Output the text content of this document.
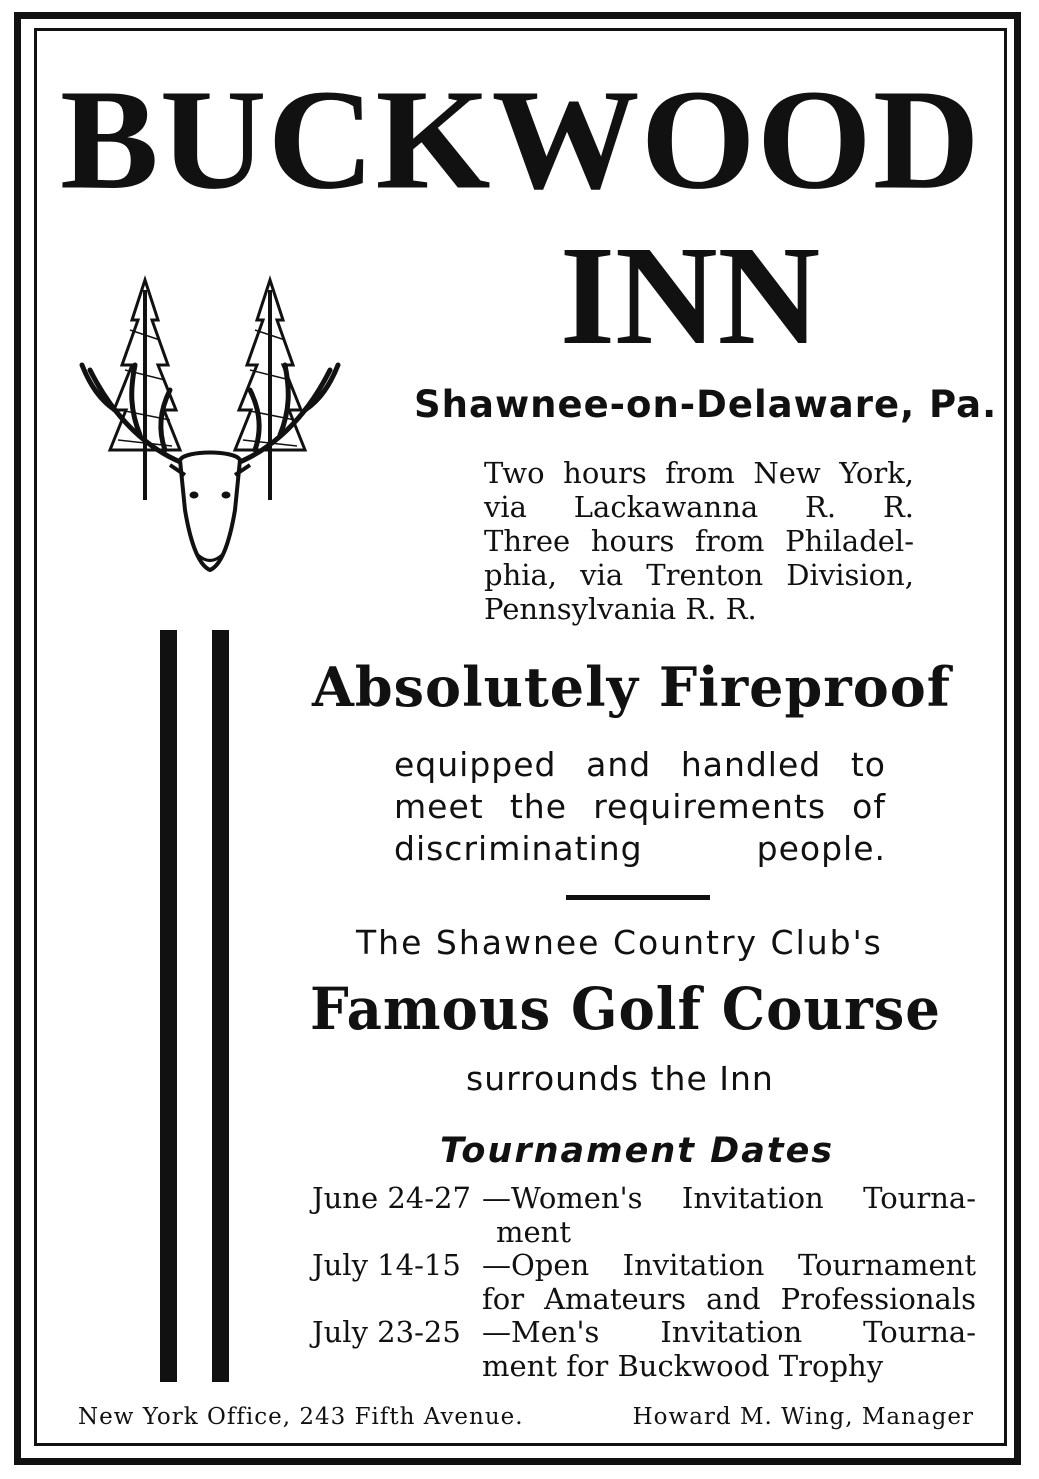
BUCKWOOD
INN

Shawnee-on-Delaware, Pa.

Two hours from New York,
via Lackawanna R. R.
Three hours from Philadel-
phia, via Trenton Division,
Pennsylvania R. R.
Absolutely Fireproof
equipped and handled to
meet the requirements of
discriminating people.

The Shawnee Country Club's

Famous Golf Course

surrounds the Inn

Tournament Dates
June 24-27 —Women's Invitation Tourna-
ment
July 14-15 —Open Invitation Tournament
for Amateurs and Professionals
July 23-25 —Men's Invitation Tourna-
ment for Buckwood Trophy
New York Office, 243 Fifth Avenue.	Howard M. Wing, Manager
